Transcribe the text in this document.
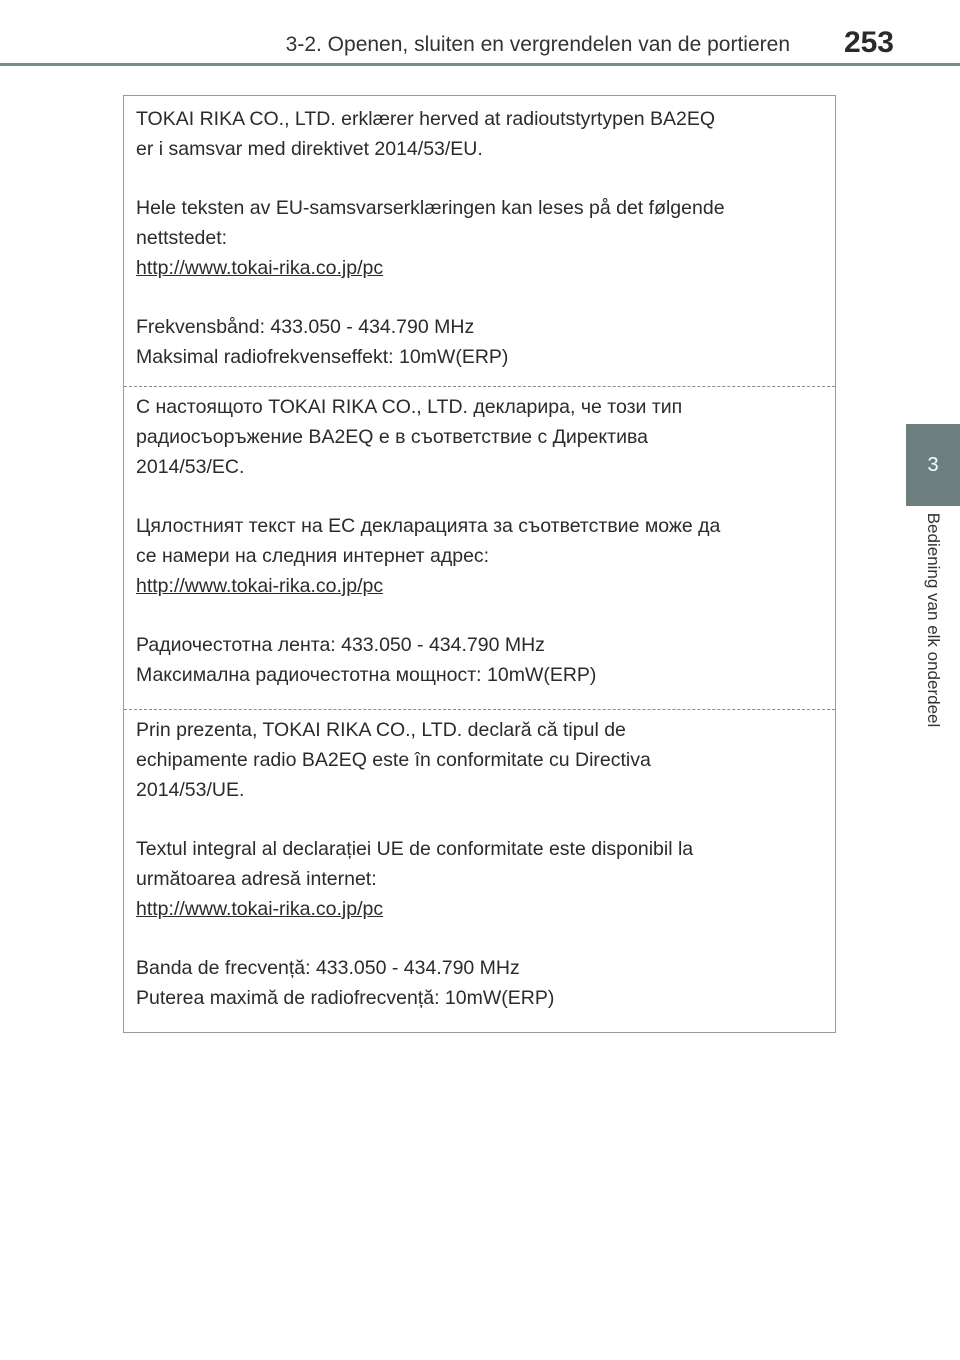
3-2. Openen, sluiten en vergrendelen van de portieren 253
3
Bediening van elk onderdeel

TOKAI RIKA CO., LTD. erklærer herved at radioutstyrtypen BA2EQ

er i samsvar med direktivet 2014/53/EU.

Hele teksten av EU-samsvarserklæringen kan leses på det følgende

nettstedet:

http://www.tokai-rika.co.jp/pc

Frekvensbånd: 433.050 - 434.790 MHz

Maksimal radiofrekvenseffekt: 10mW(ERP)

С настоящото TOKAI RIKA CO., LTD. декларира, че този тип

радиосъоръжение BA2EQ е в съответствие с Директива

2014/53/ЕС.

Цялостният текст на ЕС декларацията за съответствие може да

се намери на следния интернет адрес:

http://www.tokai-rika.co.jp/pc

Радиочестотна лента: 433.050 - 434.790 MHz

Максимална радиочестотна мощност: 10mW(ERP)

Prin prezenta, TOKAI RIKA CO., LTD. declară că tipul de

echipamente radio BA2EQ este în conformitate cu Directiva

2014/53/UE.

Textul integral al declarației UE de conformitate este disponibil la

următoarea adresă internet:

http://www.tokai-rika.co.jp/pc

Banda de frecvență: 433.050 - 434.790 MHz

Puterea maximă de radiofrecvență: 10mW(ERP)
